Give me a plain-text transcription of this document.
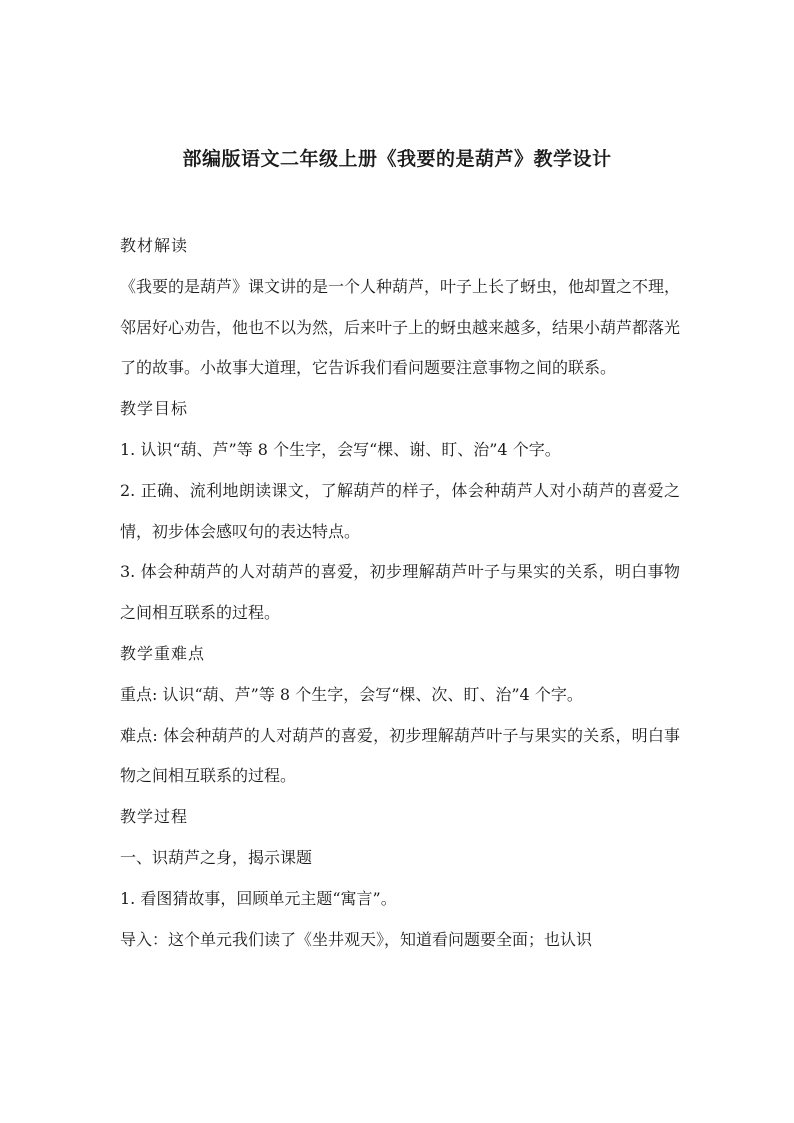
部编版语文二年级上册《我要的是葫芦》教学设计

教材解读

《我要的是葫芦》课文讲的是一个人种葫芦，叶子上长了蚜虫，他却置之不理，邻居好心劝告，他也不以为然，后来叶子上的蚜虫越来越多，结果小葫芦都落光了的故事。小故事大道理，它告诉我们看问题要注意事物之间的联系。

教学目标

1. 认识“葫、芦”等 8 个生字，会写“棵、谢、盯、治”4 个字。

2. 正确、流利地朗读课文，了解葫芦的样子，体会种葫芦人对小葫芦的喜爱之情，初步体会感叹句的表达特点。

3. 体会种葫芦的人对葫芦的喜爱，初步理解葫芦叶子与果实的关系，明白事物之间相互联系的过程。

教学重难点

重点: 认识“葫、芦”等 8 个生字，会写“棵、次、盯、治”4 个字。

难点: 体会种葫芦的人对葫芦的喜爱，初步理解葫芦叶子与果实的关系，明白事物之间相互联系的过程。

教学过程

一、识葫芦之身，揭示课题

1. 看图猜故事，回顾单元主题“寓言”。

导入：这个单元我们读了《坐井观天》，知道看问题要全面；也认识
